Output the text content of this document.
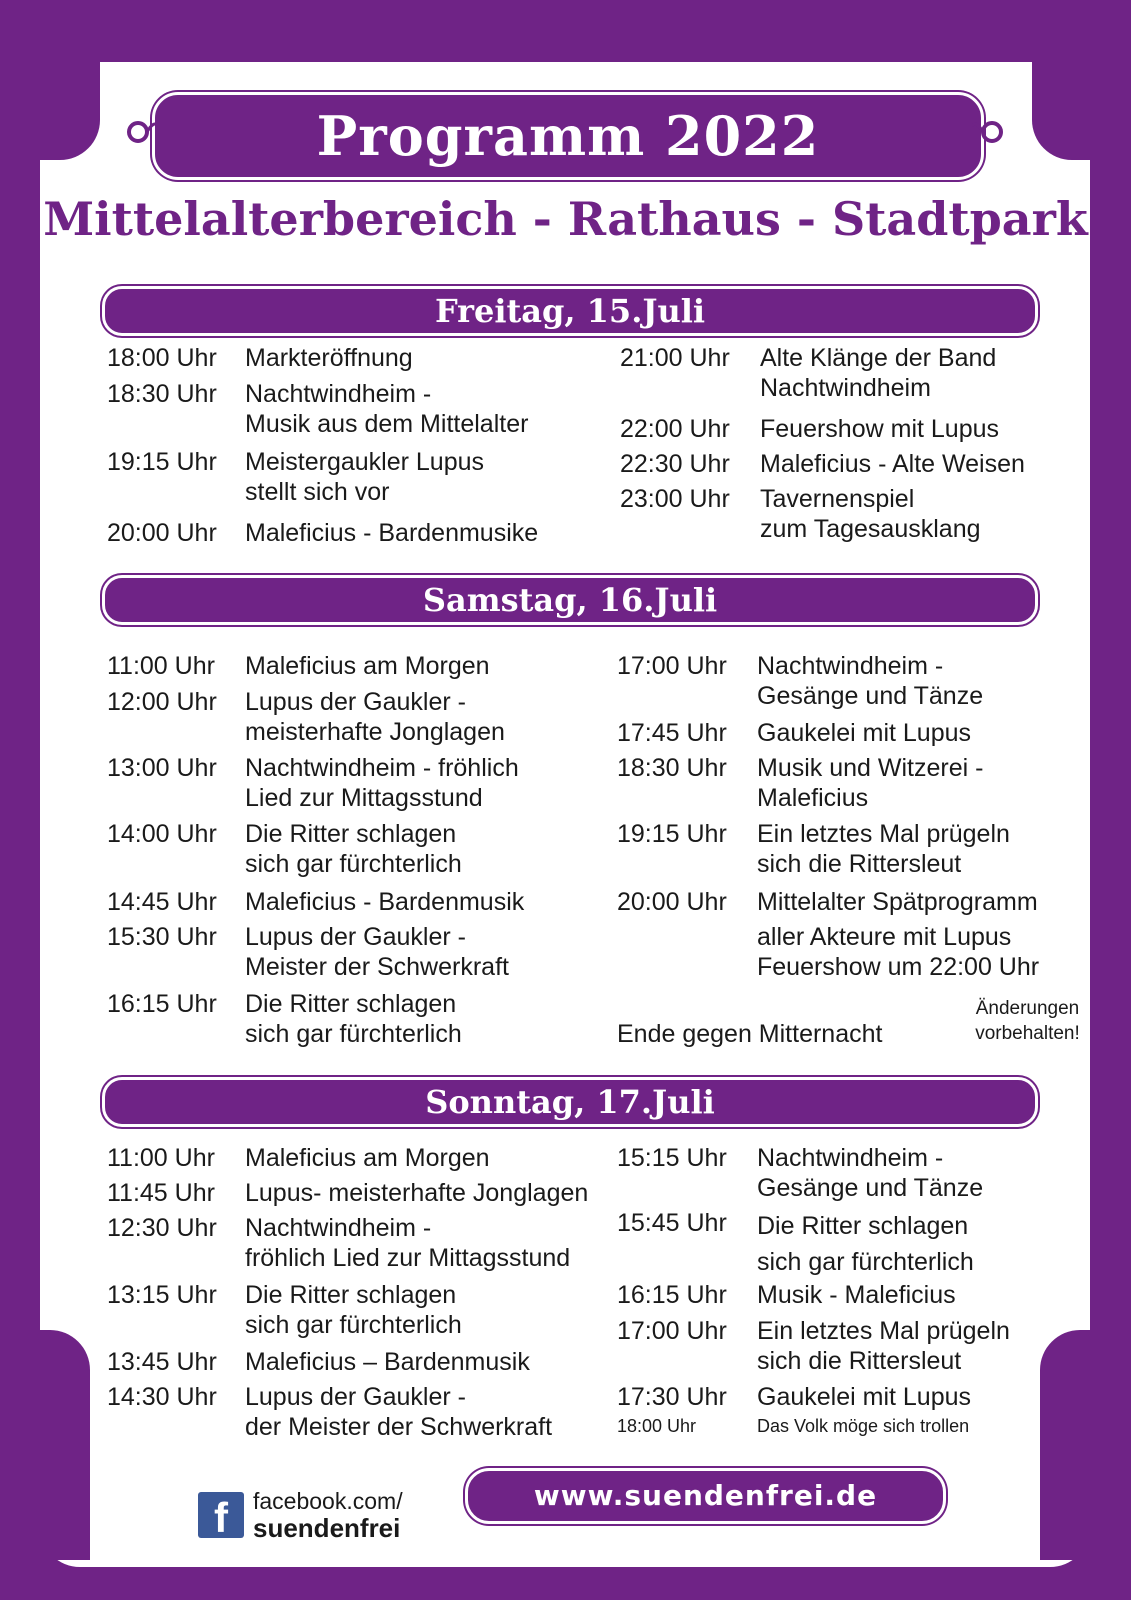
Programm 2022
Mittelalterbereich - Rathaus - Stadtpark
Freitag, 15.Juli
18:00 Uhr Markteröffnung
18:30 Uhr Nachtwindheim -
Musik aus dem Mittelalter
19:15 Uhr Meistergaukler Lupus
stellt sich vor
20:00 Uhr Maleficius - Bardenmusike
21:00 Uhr Alte Klänge der Band
Nachtwindheim
22:00 Uhr Feuershow mit Lupus
22:30 Uhr Maleficius - Alte Weisen
23:00 Uhr Tavernenspiel
zum Tagesausklang
Samstag, 16.Juli
11:00 Uhr Maleficius am Morgen
12:00 Uhr Lupus der Gaukler -
meisterhafte Jonglagen
13:00 Uhr Nachtwindheim - fröhlich
Lied zur Mittagsstund
14:00 Uhr Die Ritter schlagen
sich gar fürchterlich
14:45 Uhr Maleficius - Bardenmusik
15:30 Uhr Lupus der Gaukler -
Meister der Schwerkraft
16:15 Uhr Die Ritter schlagen
sich gar fürchterlich
17:00 Uhr Nachtwindheim -
Gesänge und Tänze
17:45 Uhr Gaukelei mit Lupus
18:30 Uhr Musik und Witzerei -
Maleficius
19:15 Uhr Ein letztes Mal prügeln
sich die Rittersleut
20:00 Uhr Mittelalter Spätprogramm
aller Akteure mit Lupus
Feuershow um 22:00 Uhr
Ende gegen Mitternacht
Änderungen
vorbehalten!
Sonntag, 17.Juli
11:00 Uhr Maleficius am Morgen
11:45 Uhr Lupus- meisterhafte Jonglagen
12:30 Uhr Nachtwindheim -
fröhlich Lied zur Mittagsstund
13:15 Uhr Die Ritter schlagen
sich gar fürchterlich
13:45 Uhr Maleficius – Bardenmusik
14:30 Uhr Lupus der Gaukler -
der Meister der Schwerkraft
15:15 Uhr Nachtwindheim -
Gesänge und Tänze
15:45 Uhr Die Ritter schlagen
sich gar fürchterlich
16:15 Uhr Musik - Maleficius
17:00 Uhr Ein letztes Mal prügeln
sich die Rittersleut
17:30 Uhr Gaukelei mit Lupus
18:00 Uhr	Das Volk möge sich trollen
f	facebook.com/
suendenfrei
www.suendenfrei.de
